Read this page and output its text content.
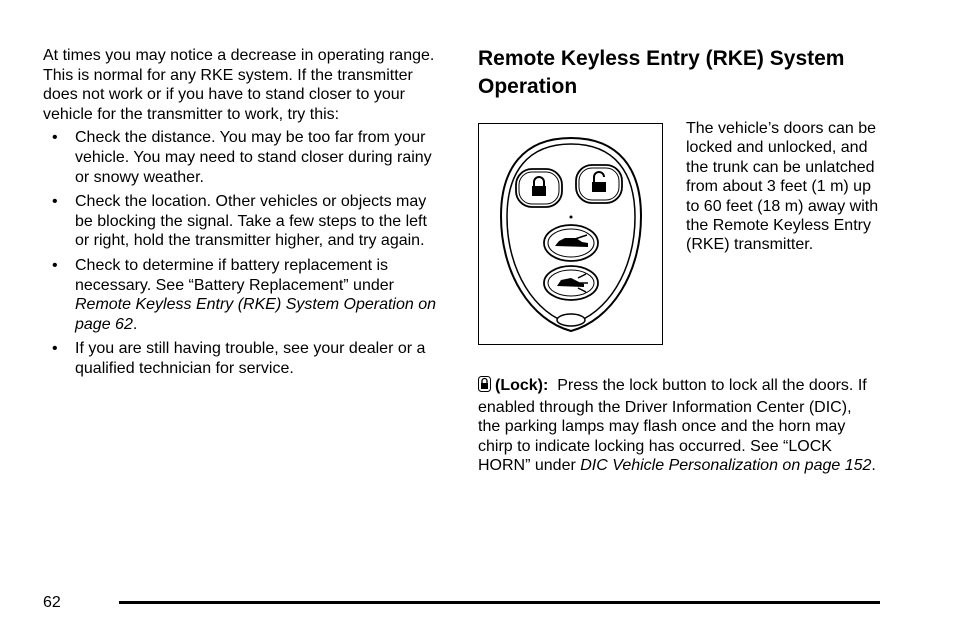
At times you may notice a decrease in operating range. This is normal for any RKE system. If the transmitter does not work or if you have to stand closer to your vehicle for the transmitter to work, try this:

• Check the distance. You may be too far from your vehicle. You may need to stand closer during rainy or snowy weather.
• Check the location. Other vehicles or objects may be blocking the signal. Take a few steps to the left or right, hold the transmitter higher, and try again.
• Check to determine if battery replacement is necessary. See “Battery Replacement” under Remote Keyless Entry (RKE) System Operation on page 62.
• If you are still having trouble, see your dealer or a qualified technician for service.
Remote Keyless Entry (RKE) System Operation
The vehicle’s doors can be locked and unlocked, and the trunk can be unlatched from about 3 feet (1 m) up to 60 feet (18 m) away with the Remote Keyless Entry (RKE) transmitter.
(Lock): Press the lock button to lock all the doors. If enabled through the Driver Information Center (DIC), the parking lamps may flash once and the horn may chirp to indicate locking has occurred. See “LOCK HORN” under DIC Vehicle Personalization on page 152.
62
